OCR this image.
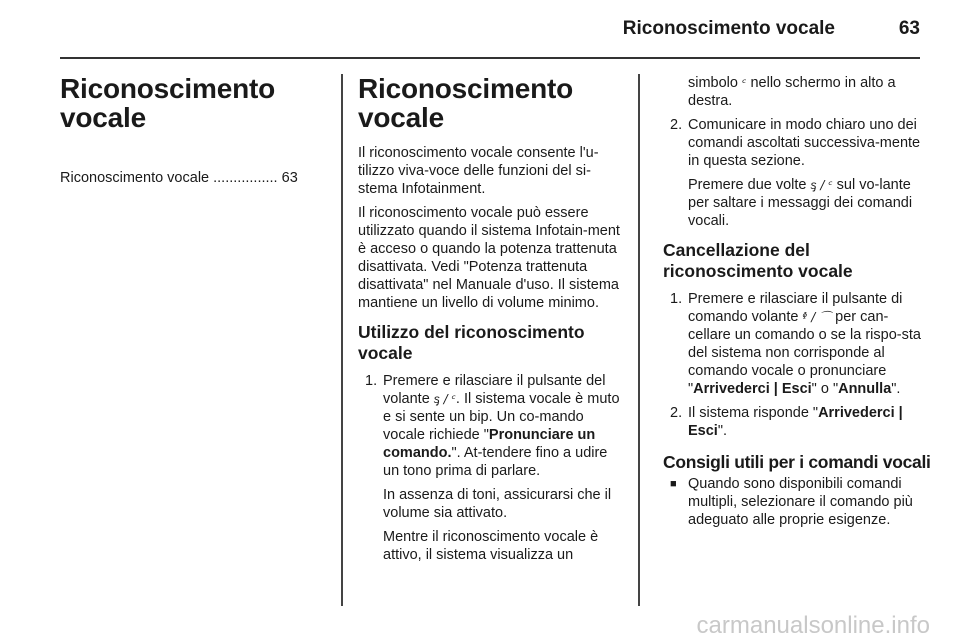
Riconoscimento vocale	63
Riconoscimento vocale
Riconoscimento vocale ................ 63
Riconoscimento vocale

Il riconoscimento vocale consente l'u-tilizzo viva-voce delle funzioni del si-stema Infotainment.

Il riconoscimento vocale può essere utilizzato quando il sistema Infotain-ment è acceso o quando la potenza trattenuta disattivata. Vedi "Potenza trattenuta disattivata" nel Manuale d'uso. Il sistema mantiene un livello di volume minimo.

Utilizzo del riconoscimento vocale
1. Premere e rilasciare il pulsante del volante ᶊ / ᶜ. Il sistema vocale è muto e si sente un bip. Un co-mando vocale richiede "Pronunciare un comando.". At-tendere fino a udire un tono prima di parlare.

In assenza di toni, assicurarsi che il volume sia attivato.

Mentre il riconoscimento vocale è attivo, il sistema visualizza un

simbolo ᶜ nello schermo in alto a destra.

2. Comunicare in modo chiaro uno dei comandi ascoltati successiva-mente in questa sezione.

Premere due volte ᶊ / ᶜ sul vo-lante per saltare i messaggi dei comandi vocali.

Cancellazione del riconoscimento vocale
1. Premere e rilasciare il pulsante di comando volante ᶲ / ⌒ per can-cellare un comando o se la rispo-sta del sistema non corrisponde al comando vocale o pronunciare "Arrivederci | Esci" o "Annulla".

2. Il sistema risponde "Arrivederci | Esci".

Consigli utili per i comandi vocali
■ Quando sono disponibili comandi multipli, selezionare il comando più adeguato alle proprie esigenze.

carmanualsonline.info
